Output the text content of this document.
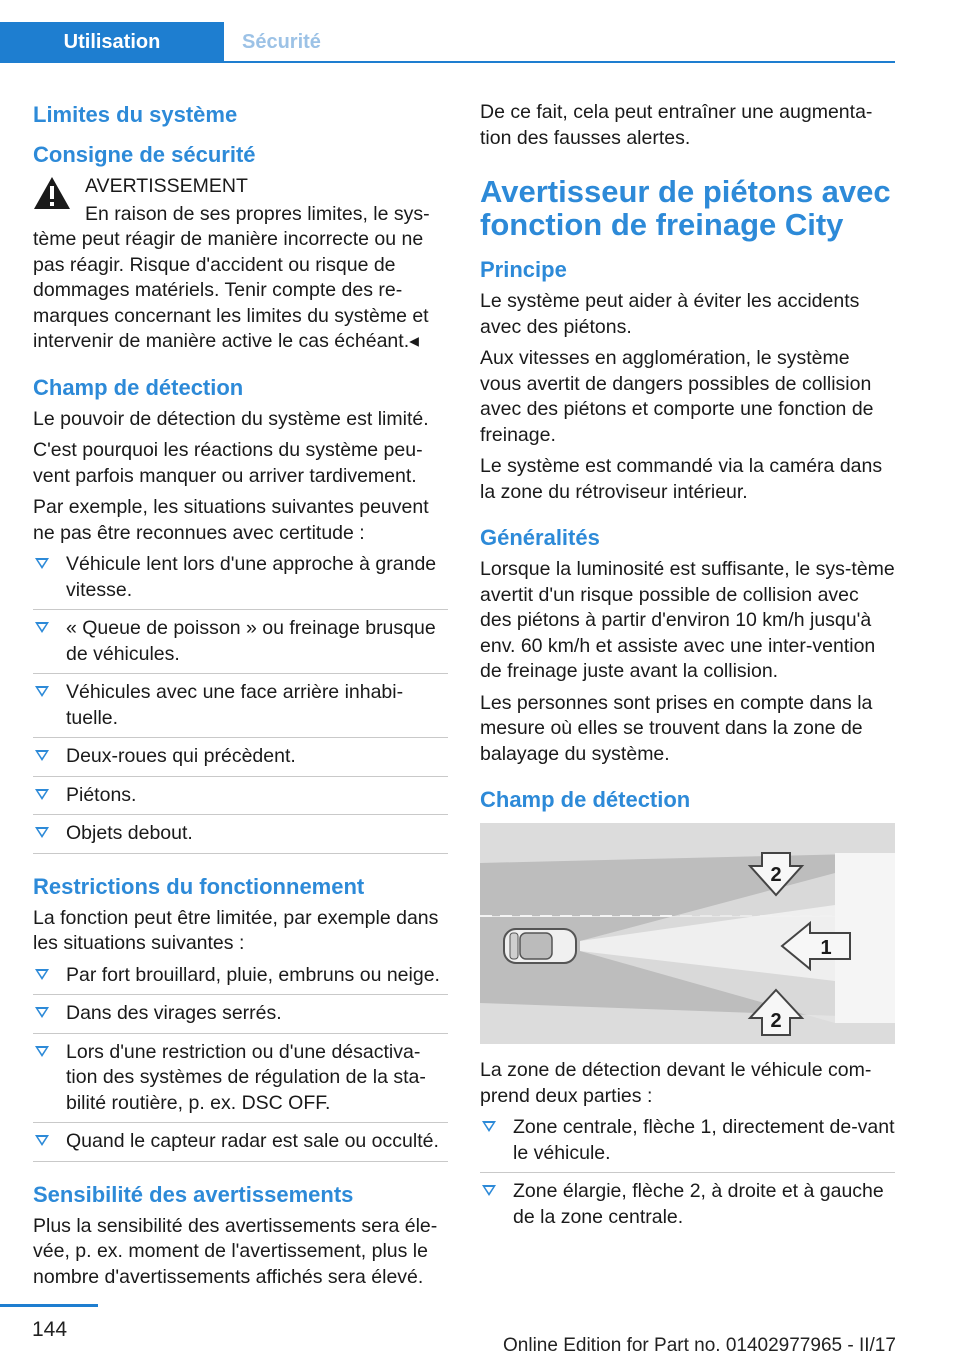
Utilisation	Sécurité
Limites du système
Consigne de sécurité
AVERTISSEMENT
En raison de ses propres limites, le sys-
tème peut réagir de manière incorrecte ou ne
pas réagir. Risque d'accident ou risque de
dommages matériels. Tenir compte des re-
marques concernant les limites du système et
intervenir de manière active le cas échéant.◂
Champ de détection

Le pouvoir de détection du système est limité.

C'est pourquoi les réactions du système peu-vent parfois manquer ou arriver tardivement.

Par exemple, les situations suivantes peuvent ne pas être reconnues avec certitude :

Véhicule lent lors d'une approche à grande vitesse.
« Queue de poisson » ou freinage brusque de véhicules.
Véhicules avec une face arrière inhabi-tuelle.
Deux-roues qui précèdent.
Piétons.
Objets debout.
Restrictions du fonctionnement

La fonction peut être limitée, par exemple dans les situations suivantes :

Par fort brouillard, pluie, embruns ou neige.
Dans des virages serrés.
Lors d'une restriction ou d'une désactiva-tion des systèmes de régulation de la sta-bilité routière, p. ex. DSC OFF.
Quand le capteur radar est sale ou occulté.
Sensibilité des avertissements

Plus la sensibilité des avertissements sera éle-vée, p. ex. moment de l'avertissement, plus le nombre d'avertissements affichés sera élevé.

De ce fait, cela peut entraîner une augmenta-tion des fausses alertes.

Avertisseur de piétons avec fonction de freinage City
Principe

Le système peut aider à éviter les accidents avec des piétons.

Aux vitesses en agglomération, le système vous avertit de dangers possibles de collision avec des piétons et comporte une fonction de freinage.

Le système est commandé via la caméra dans la zone du rétroviseur intérieur.

Généralités

Lorsque la luminosité est suffisante, le sys-tème avertit d'un risque possible de collision avec des piétons à partir d'environ 10 km/h jusqu'à env. 60 km/h et assiste avec une inter-vention de freinage juste avant la collision.

Les personnes sont prises en compte dans la mesure où elles se trouvent dans la zone de balayage du système.

Champ de détection
1
2
2

La zone de détection devant le véhicule com-prend deux parties :

Zone centrale, flèche 1, directement de-vant le véhicule.
Zone élargie, flèche 2, à droite et à gauche de la zone centrale.
144
Online Edition for Part no. 01402977965 - II/17
